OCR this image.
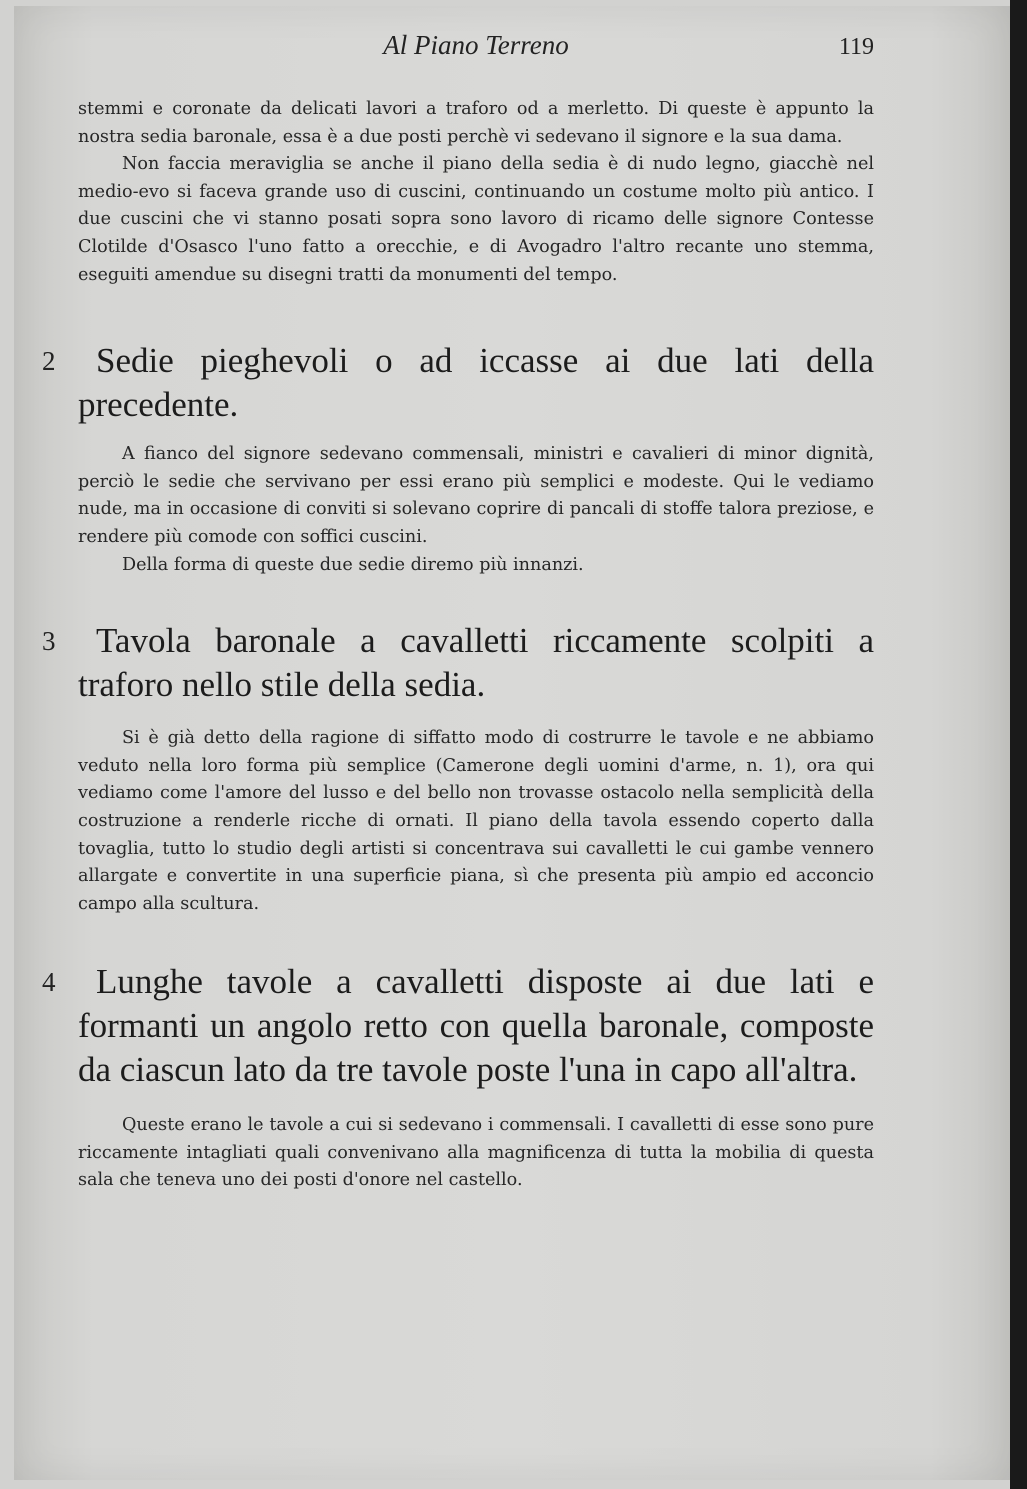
Al Piano Terreno	119

stemmi e coronate da delicati lavori a traforo od a merletto. Di queste è appunto la nostra sedia baronale, essa è a due posti perchè vi sedevano il signore e la sua dama.

Non faccia meraviglia se anche il piano della sedia è di nudo legno, giacchè nel medio-evo si faceva grande uso di cuscini, continuando un costume molto più antico. I due cuscini che vi stanno posati sopra sono lavoro di ricamo delle signore Contesse Clotilde d'Osasco l'uno fatto a orecchie, e di Avogadro l'altro recante uno stemma, eseguiti amendue su disegni tratti da monumenti del tempo.

2	Sedie pieghevoli o ad iccasse ai due lati della precedente.

A fianco del signore sedevano commensali, ministri e cavalieri di minor dignità, perciò le sedie che servivano per essi erano più semplici e modeste. Qui le vediamo nude, ma in occasione di conviti si solevano coprire di pancali di stoffe talora preziose, e rendere più comode con soffici cuscini.

Della forma di queste due sedie diremo più innanzi.

3	Tavola baronale a cavalletti riccamente scolpiti a traforo nello stile della sedia.

Si è già detto della ragione di siffatto modo di costrurre le tavole e ne abbiamo veduto nella loro forma più semplice (Camerone degli uomini d'arme, n. 1), ora qui vediamo come l'amore del lusso e del bello non trovasse ostacolo nella semplicità della costruzione a renderle ricche di ornati. Il piano della tavola essendo coperto dalla tovaglia, tutto lo studio degli artisti si concentrava sui cavalletti le cui gambe vennero allargate e convertite in una superficie piana, sì che presenta più ampio ed acconcio campo alla scultura.

4	Lunghe tavole a cavalletti disposte ai due lati e formanti un angolo retto con quella baronale, composte da ciascun lato da tre tavole poste l'una in capo all'altra.

Queste erano le tavole a cui si sedevano i commensali. I cavalletti di esse sono pure riccamente intagliati quali convenivano alla magnificenza di tutta la mobilia di questa sala che teneva uno dei posti d'onore nel castello.
